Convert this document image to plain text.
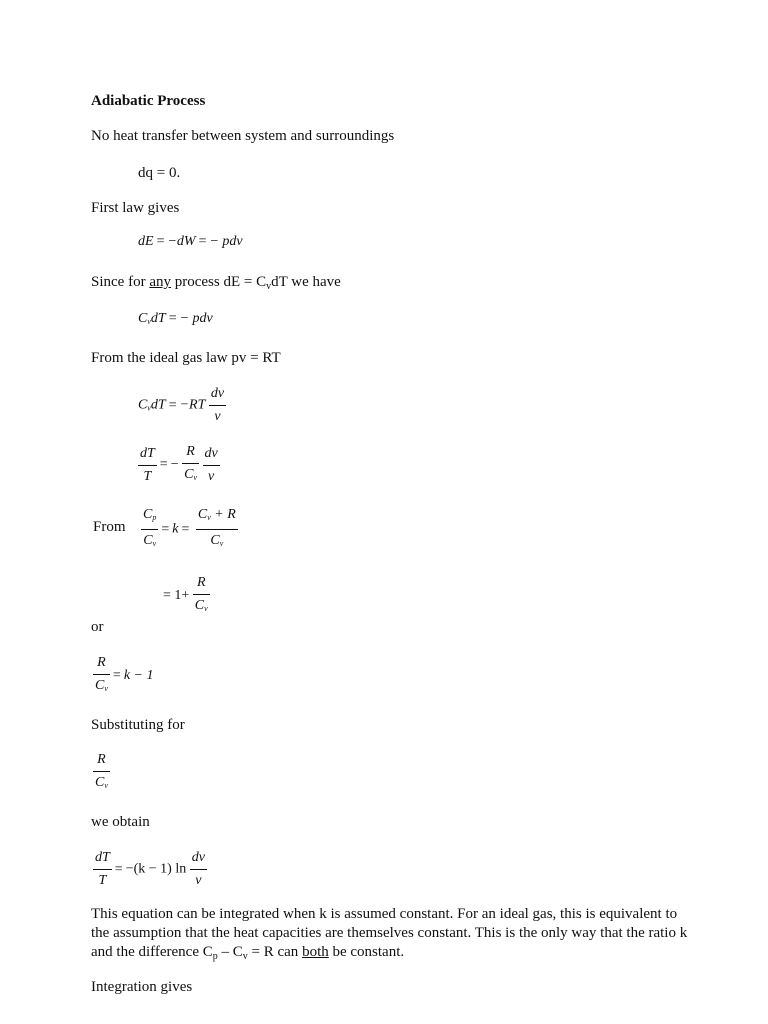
Adiabatic Process
No heat transfer between system and surroundings
dq = 0.
First law gives
dE = −dW = − pdv
Since for any process dE = $C_vdT$ we have
$C_vdT$ = − pdv
From the ideal gas law pv = RT
$C_vdT = -RT \frac{dv}{v}$
$\frac{dT}{T}$ = − $\frac{R}{C_v}$
$\frac{dv}{v}$
From $\frac{C_p}{C_v} = k = \frac{C_v + R}{C_v}$
= $1+ \frac{R}{C_v}$
or
$\frac{R}{C_v} = k - 1$
Substituting for
$\frac{R}{C_v}$
we obtain
$\frac{dT}{T} = -(k - 1)$ $\ln \frac{dv}{v}$
This equation can be integrated when k is assumed constant. For an ideal gas, this is equivalent to the assumption that the heat capacities are themselves constant. This is the only way that the ratio k and the difference $C_p - C_v = R$ can both be constant.
Integration gives
